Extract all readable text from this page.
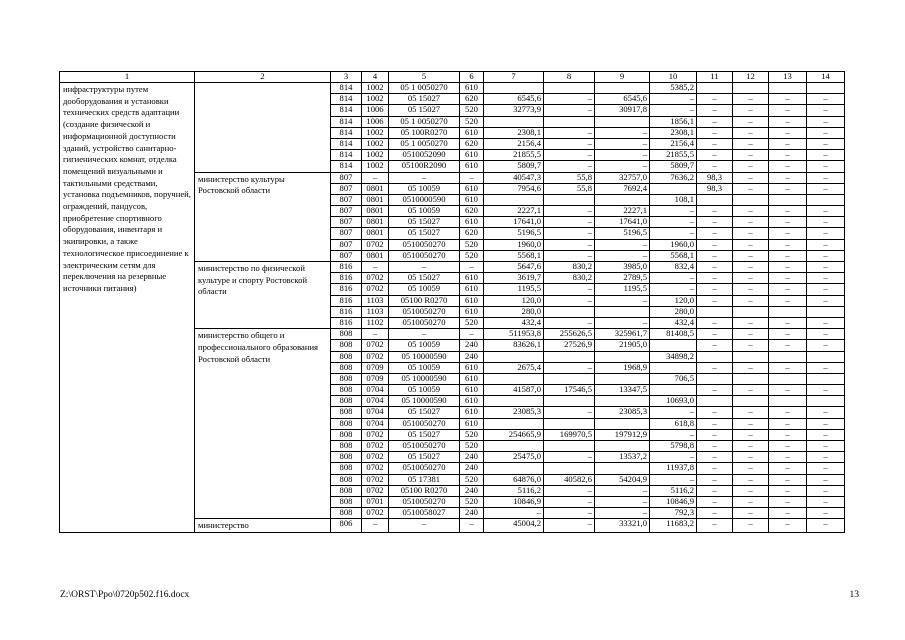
1	2	3	4	5	6	7	8	9	10	11	12	13	14
инфраструктуры путем дооборудования и установки технических средств адаптации (создание физической и информационной доступности зданий, устройство санитарно-гигиенических комнат, отделка помещений визуальными и тактильными средствами, установка подъемников, поручней, ограждений, пандусов, приобретение спортивного оборудования, инвентаря и экипировки, а также технологическое присоединение к электрическим сетям для переключения на резервные источники питания)		814	1002	05 1 0050270	610				5385,2				
		814	1002	05 15027	620	6545,6	–	6545,6	–	–	–	–	–
		814	1006	05 15027	520	32773,9	–	30917,8	–	–	–	–	–
		814	1006	05 1 0050270	520				1856,1	–	–	–	–
		814	1002	05 100R0270	610	2308,1	–	–	2308,1	–	–	–	–
		814	1002	05 1 0050270	620	2156,4	–	–	2156,4	–	–	–	–
		814	1002	0510052090	610	21855,5	–	–	21855,5	–	–	–	–
		814	1002	05100R2090	610	5809,7	–	–	5809,7	–	–	–	–
	министерство культуры Ростовской области	807	–	–	–	40547,3	55,8	32757,0	7636,2	98,3	–	–	–
		807	0801	05 10059	610	7954,6	55,8	7692,4		98,3	–	–	–
		807	0801	0510000590	610				108,1				
		807	0801	05 10059	620	2227,1	–	2227,1	–	–	–	–	–
		807	0801	05 15027	610	17641,0	–	17641,0	–	–	–	–	–
		807	0801	05 15027	620	5196,5	–	5196,5	–	–	–	–	–
		807	0702	0510050270	520	1960,0	–	–	1960,0	–	–	–	–
		807	0801	0510050270	520	5568,1	–	–	5568,1	–	–	–	–
	министерство по физической культуре и спорту Ростовской области	816	–	–	–	5647,6	830,2	3985,0	832,4	–	–	–	–
		816	0702	05 15027	610	3619,7	830,2	2789,5	–	–	–	–	–
		816	0702	05 10059	610	1195,5	–	1195,5	–	–	–	–	–
		816	1103	05100 R0270	610	120,0	–	–	120,0	–	–	–	–
		816	1103	0510050270	610	280,0			280,0				
		816	1102	0510050270	520	432,4	–	–	432,4	–	–	–	–
	министерство общего и профессионального образования Ростовской области	808	–	–	–	511953,8	255626,5	325961,7	81408,5	–	–	–	–
		808	0702	05 10059	240	83626,1	27526,9	21905,0		–	–	–	–
		808	0702	05 10000590	240				34898,2				
		808	0709	05 10059	610	2675,4	–	1968,9		–	–	–	–
		808	0709	05 10000590	610				706,5				
		808	0704	05 10059	610	41587,0	17546,5	13347,5		–	–	–	–
		808	0704	05 10000590	610				10693,0				
		808	0704	05 15027	610	23085,3	–	23085,3	–	–	–	–	–
		808	0704	0510050270	610				618,8	–	–	–	–
		808	0702	05 15027	520	254665,9	169970,5	197912,9	–	–	–	–	–
		808	0702	0510050270	520				5798,8	–	–	–	–
		808	0702	05 15027	240	25475,0	–	13537,2	–	–	–	–	–
		808	0702	0510050270	240				11937,8	–	–	–	–
		808	0702	05 17381	520	64876,0	40582,6	54204,9	–	–	–	–	–
		808	0702	05100 R0270	240	5116,2	–	–	5116,2	–	–	–	–
		808	0701	0510050270	520	10846,9	–	–	10846,9	–	–	–	–
		808	0702	0510058027	240	–	–	–	792,3	–	–	–	–
	министерство	806	–	–	–	45004,2	–	33321,0	11683,2	–	–	–	–
Z:\ORST\Ppo\0720p502.f16.docx	13
